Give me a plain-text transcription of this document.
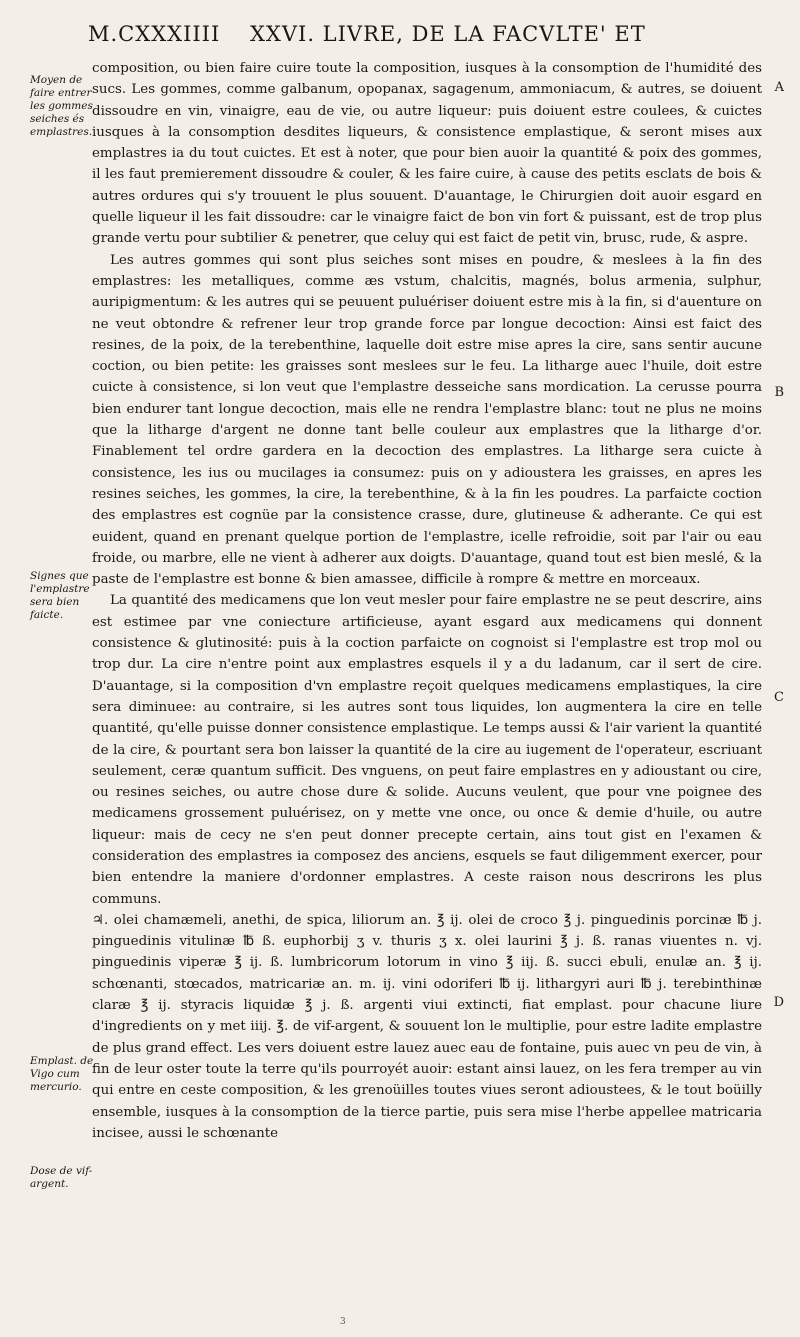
M.CXXXIIII XXVI. LIVRE, DE LA FACVLTE' ET
Moyen de faire entrer les gommes seiches és emplastres.
Signes que l'emplastre sera bien faicte.
Emplast. de Vigo cum mercurio.
Dose de vif-argent.
A
B
C
D

composition, ou bien faire cuire toute la composition, iusques à la consomption de l'humidité des sucs. Les gommes, comme galbanum, opopanax, sagagenum, ammoniacum, & autres, se doiuent dissoudre en vin, vinaigre, eau de vie, ou autre liqueur: puis doiuent estre coulees, & cuictes iusques à la consomption desdites liqueurs, & consistence emplastique, & seront mises aux emplastres ia du tout cuictes. Et est à noter, que pour bien auoir la quantité & poix des gommes, il les faut premierement dissoudre & couler, & les faire cuire, à cause des petits esclats de bois & autres ordures qui s'y trouuent le plus souuent. D'auantage, le Chirurgien doit auoir esgard en quelle liqueur il les fait dissoudre: car le vinaigre faict de bon vin fort & puissant, est de trop plus grande vertu pour subtilier & penetrer, que celuy qui est faict de petit vin, brusc, rude, & aspre.

Les autres gommes qui sont plus seiches sont mises en poudre, & meslees à la fin des emplastres: les metalliques, comme æs vstum, chalcitis, magnés, bolus armenia, sulphur, auripigmentum: & les autres qui se peuuent puluériser doiuent estre mis à la fin, si d'auenture on ne veut obtondre & refrener leur trop grande force par longue decoction: Ainsi est faict des resines, de la poix, de la terebenthine, laquelle doit estre mise apres la cire, sans sentir aucune coction, ou bien petite: les graisses sont meslees sur le feu. La litharge auec l'huile, doit estre cuicte à consistence, si lon veut que l'emplastre desseiche sans mordication. La cerusse pourra bien endurer tant longue decoction, mais elle ne rendra l'emplastre blanc: tout ne plus ne moins que la litharge d'argent ne donne tant belle couleur aux emplastres que la litharge d'or. Finablement tel ordre gardera en la decoction des emplastres. La litharge sera cuicte à consistence, les ius ou mucilages ia consumez: puis on y adioustera les graisses, en apres les resines seiches, les gommes, la cire, la terebenthine, & à la fin les poudres. La parfaicte coction des emplastres est cognüe par la consistence crasse, dure, glutineuse & adherante. Ce qui est euident, quand en prenant quelque portion de l'emplastre, icelle refroidie, soit par l'air ou eau froide, ou marbre, elle ne vient à adherer aux doigts. D'auantage, quand tout est bien meslé, & la paste de l'emplastre est bonne & bien amassee, difficile à rompre & mettre en morceaux.

La quantité des medicamens que lon veut mesler pour faire emplastre ne se peut descrire, ains est estimee par vne coniecture artificieuse, ayant esgard aux medicamens qui donnent consistence & glutinosité: puis à la coction parfaicte on cognoist si l'emplastre est trop mol ou trop dur. La cire n'entre point aux emplastres esquels il y a du ladanum, car il sert de cire. D'auantage, si la composition d'vn emplastre reçoit quelques medicamens emplastiques, la cire sera diminuee: au contraire, si les autres sont tous liquides, lon augmentera la cire en telle quantité, qu'elle puisse donner consistence emplastique. Le temps aussi & l'air varient la quantité de la cire, & pourtant sera bon laisser la quantité de la cire au iugement de l'operateur, escriuant seulement, ceræ quantum sufficit. Des vnguens, on peut faire emplastres en y adioustant ou cire, ou resines seiches, ou autre chose dure & solide. Aucuns veulent, que pour vne poignee des medicamens grossement puluérisez, on y mette vne once, ou once & demie d'huile, ou autre liqueur: mais de cecy ne s'en peut donner precepte certain, ains tout gist en l'examen & consideration des emplastres ia composez des anciens, esquels se faut diligemment exercer, pour bien entendre la maniere d'ordonner emplastres. A ceste raison nous descrirons les plus communs.

♃. olei chamæmeli, anethi, de spica, liliorum an. ℥ ij. olei de croco ℥ j. pinguedinis porcinæ ℔ j. pinguedinis vitulinæ ℔ ß. euphorbij ʒ v. thuris ʒ x. olei laurini ℥ j. ß. ranas viuentes n. vj. pinguedinis viperæ ℥ ij. ß. lumbricorum lotorum in vino ℥ iij. ß. succi ebuli, enulæ an. ℥ ij. schœnanti, stœcados, matricariæ an. m. ij. vini odoriferi ℔ ij. lithargyri auri ℔ j. terebinthinæ claræ ℥ ij. styracis liquidæ ℥ j. ß. argenti viui extincti, fiat emplast. pour chacune liure d'ingredients on y met iiij. ℥. de vif-argent, & souuent lon le multiplie, pour estre ladite emplastre de plus grand effect. Les vers doiuent estre lauez auec eau de fontaine, puis auec vn peu de vin, à fin de leur oster toute la terre qu'ils pourroyét auoir: estant ainsi lauez, on les fera tremper au vin qui entre en ceste composition, & les grenoüilles toutes viues seront adioustees, & le tout boüilly ensemble, iusques à la consomption de la tierce partie, puis sera mise l'herbe appellee matricaria incisee, aussi le schœnante

3
